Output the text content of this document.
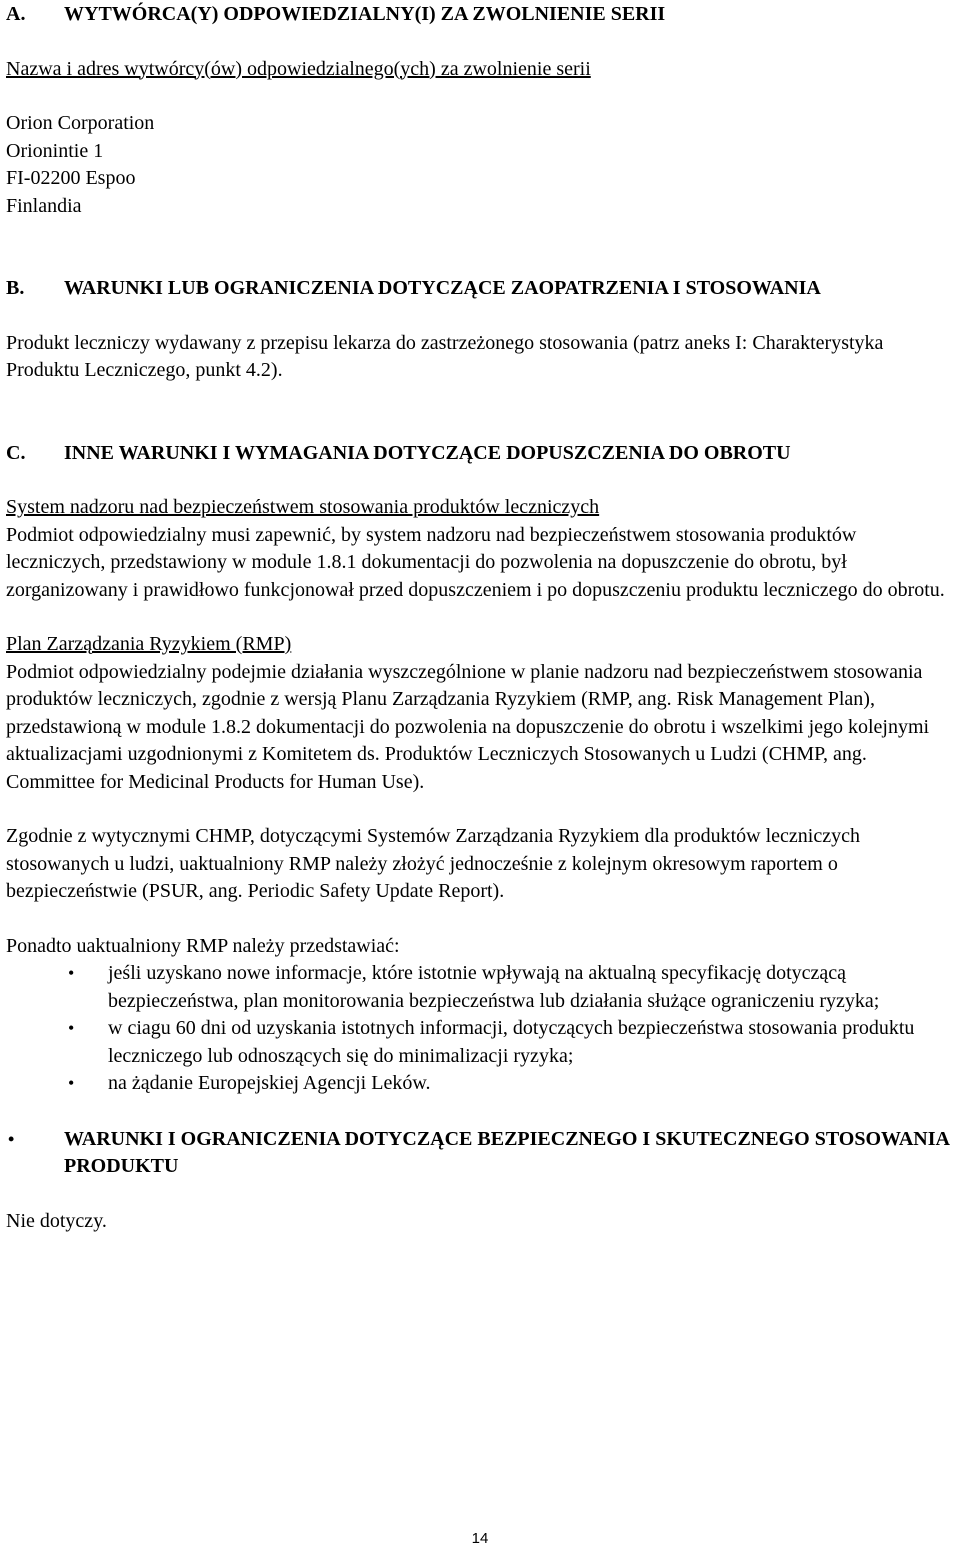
A.	WYTWÓRCA(Y) ODPOWIEDZIALNY(I) ZA ZWOLNIENIE SERII

Nazwa i adres wytwórcy(ów) odpowiedzialnego(ych) za zwolnienie serii

Orion Corporation

Orionintie 1

FI-02200 Espoo

Finlandia

B.	WARUNKI LUB OGRANICZENIA DOTYCZĄCE ZAOPATRZENIA I STOSOWANIA

Produkt leczniczy wydawany z przepisu lekarza do zastrzeżonego stosowania (patrz aneks I: Charakterystyka Produktu Leczniczego, punkt 4.2).

C.	INNE WARUNKI I WYMAGANIA DOTYCZĄCE DOPUSZCZENIA DO OBROTU

System nadzoru nad bezpieczeństwem stosowania produktów leczniczych

Podmiot odpowiedzialny musi zapewnić, by system nadzoru nad bezpieczeństwem stosowania produktów leczniczych, przedstawiony w module 1.8.1 dokumentacji do pozwolenia na dopuszczenie do obrotu, był zorganizowany i prawidłowo funkcjonował przed dopuszczeniem i po dopuszczeniu produktu leczniczego do obrotu.

Plan Zarządzania Ryzykiem (RMP)

Podmiot odpowiedzialny podejmie działania wyszczególnione w planie nadzoru nad bezpieczeństwem stosowania produktów leczniczych, zgodnie z wersją Planu Zarządzania Ryzykiem (RMP, ang. Risk Management Plan), przedstawioną w module 1.8.2 dokumentacji do pozwolenia na dopuszczenie do obrotu i wszelkimi jego kolejnymi aktualizacjami uzgodnionymi z Komitetem ds. Produktów Leczniczych Stosowanych u Ludzi (CHMP, ang. Committee for Medicinal Products for Human Use).

Zgodnie z wytycznymi CHMP, dotyczącymi Systemów Zarządzania Ryzykiem dla produktów leczniczych stosowanych u ludzi, uaktualniony RMP należy złożyć jednocześnie z kolejnym okresowym raportem o bezpieczeństwie (PSUR, ang. Periodic Safety Update Report).

Ponadto uaktualniony RMP należy przedstawiać:

•	jeśli uzyskano nowe informacje, które istotnie wpływają na aktualną specyfikację dotyczącą bezpieczeństwa, plan monitorowania bezpieczeństwa lub działania służące ograniczeniu ryzyka;
•	w ciagu 60 dni od uzyskania istotnych informacji, dotyczących bezpieczeństwa stosowania produktu leczniczego lub odnoszących się do minimalizacji ryzyka;
•	na żądanie Europejskiej Agencji Leków.
•	WARUNKI I OGRANICZENIA DOTYCZĄCE BEZPIECZNEGO I SKUTECZNEGO STOSOWANIA PRODUKTU

Nie dotyczy.

14
